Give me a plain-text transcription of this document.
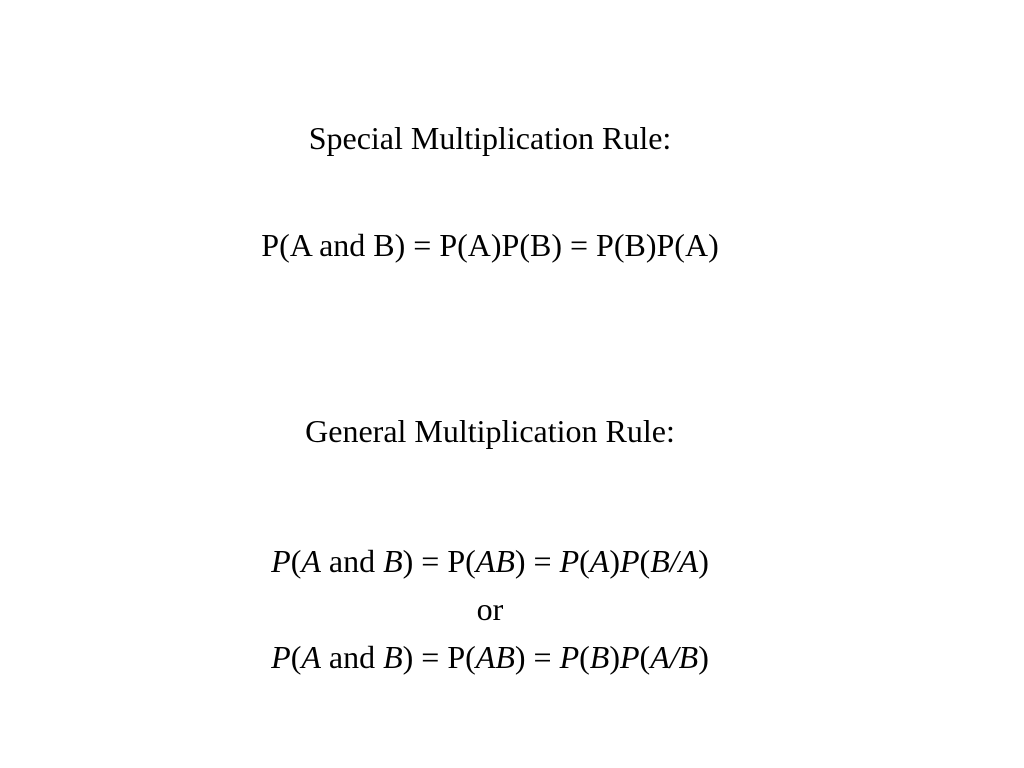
Special Multiplication Rule:
P(A and B) = P(A)P(B) = P(B)P(A)
General Multiplication Rule:
P(A and B) = P(AB) = P(A)P(B/A)
or
P(A and B) = P(AB) = P(B)P(A/B)
